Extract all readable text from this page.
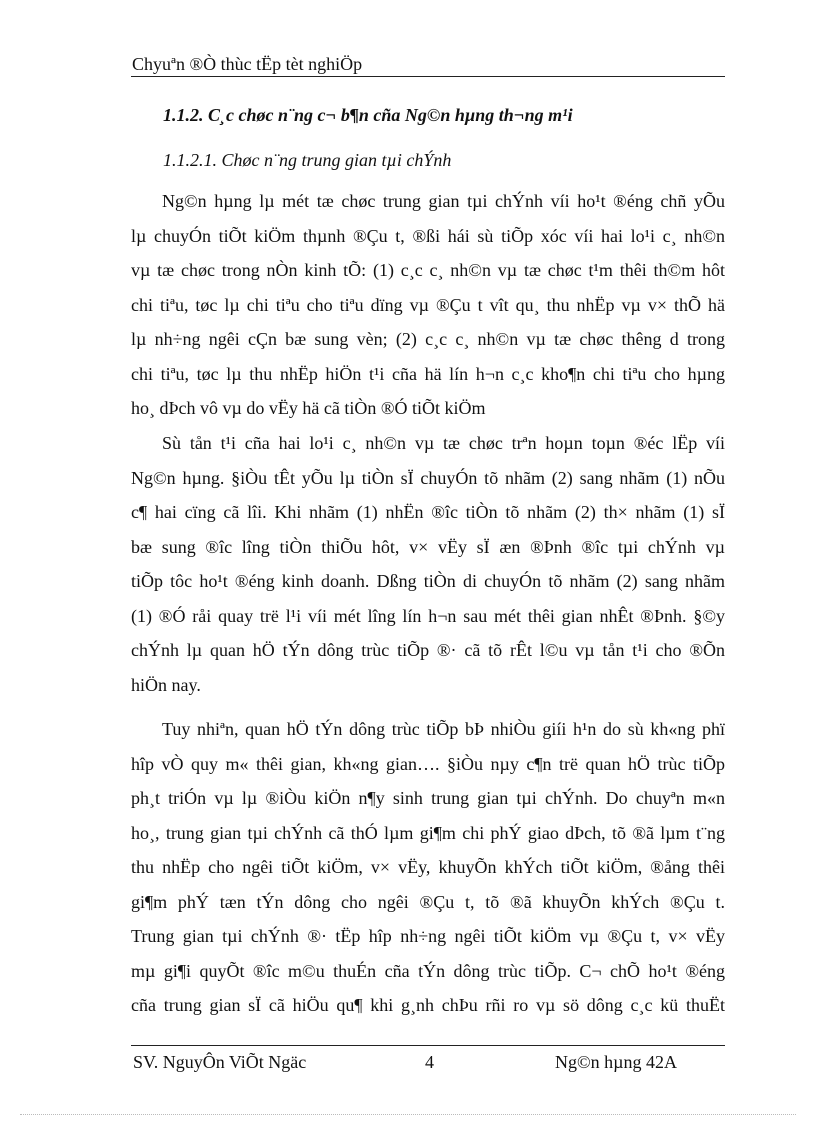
Chyuªn ®Ò thùc tËp tèt nghiÖp
1.1.2. C¸c chøc n¨ng c¬ b¶n cña Ng©n hµng th¬ng m¹i
1.1.2.1. Chøc n¨ng trung gian tµi chÝnh
Ng©n hµng lµ mét tæ chøc trung gian tµi chÝnh víi ho¹t ®éng chñ yÕu
lµ chuyÓn tiÕt kiÖm thµnh ®Çu t, ®ßi hái sù tiÕp xóc víi hai lo¹i c¸ nh©n
vµ tæ chøc trong nÒn kinh tÕ: (1) c¸c c¸ nh©n vµ tæ chøc t¹m thêi th©m hôt
chi tiªu, tøc lµ chi tiªu cho tiªu dïng vµ ®Çu t vît qu¸ thu nhËp vµ v× thÕ hä
lµ nh÷ng ngêi cÇn bæ sung vèn; (2) c¸c c¸ nh©n vµ tæ chøc thêng d trong
chi tiªu, tøc lµ thu nhËp hiÖn t¹i cña hä lín h¬n c¸c kho¶n chi tiªu cho hµng
ho¸ dÞch vô vµ do vËy hä cã tiÒn ®Ó tiÕt kiÖm
Sù tån t¹i cña hai lo¹i c¸ nh©n vµ tæ chøc trªn hoµn toµn ®éc lËp víi
Ng©n hµng. §iÒu tÊt yÕu lµ tiÒn sÏ chuyÓn tõ nhãm (2) sang nhãm (1) nÕu
c¶ hai cïng cã lîi. Khi nhãm (1) nhËn ®îc tiÒn tõ nhãm (2) th× nhãm (1) sÏ
bæ sung ®îc lîng tiÒn thiÕu hôt, v× vËy sÏ æn ®Þnh ®îc tµi chÝnh vµ
tiÕp tôc ho¹t ®éng kinh doanh. Dßng tiÒn di chuyÓn tõ nhãm (2) sang nhãm
(1) ®Ó råi quay trë l¹i víi mét lîng lín h¬n sau mét thêi gian nhÊt ®Þnh. §©y
chÝnh lµ quan hÖ tÝn dông trùc tiÕp ®· cã tõ rÊt l©u vµ tån t¹i cho ®Õn
hiÖn nay.
Tuy nhiªn, quan hÖ tÝn dông trùc tiÕp bÞ nhiÒu giíi h¹n do sù kh«ng phï
hîp vÒ quy m« thêi gian, kh«ng gian…. §iÒu nµy c¶n trë quan hÖ trùc tiÕp
ph¸t triÓn vµ lµ ®iÒu kiÖn n¶y sinh trung gian tµi chÝnh. Do chuyªn m«n
ho¸, trung gian tµi chÝnh cã thÓ lµm gi¶m chi phÝ giao dÞch, tõ ®ã lµm t¨ng
thu nhËp cho ngêi tiÕt kiÖm, v× vËy, khuyÕn khÝch tiÕt kiÖm, ®ång thêi
gi¶m phÝ tæn tÝn dông cho ngêi ®Çu t, tõ ®ã khuyÕn khÝch ®Çu t.
Trung gian tµi chÝnh ®· tËp hîp nh÷ng ngêi tiÕt kiÖm vµ ®Çu t, v× vËy
mµ gi¶i quyÕt ®îc m©u thuÉn cña tÝn dông trùc tiÕp. C¬ chÕ ho¹t ®éng
cña trung gian sÏ cã hiÖu qu¶ khi g¸nh chÞu rñi ro vµ sö dông c¸c kü thuËt
SV. NguyÔn ViÕt Ngäc	4	Ng©n hµng 42A
